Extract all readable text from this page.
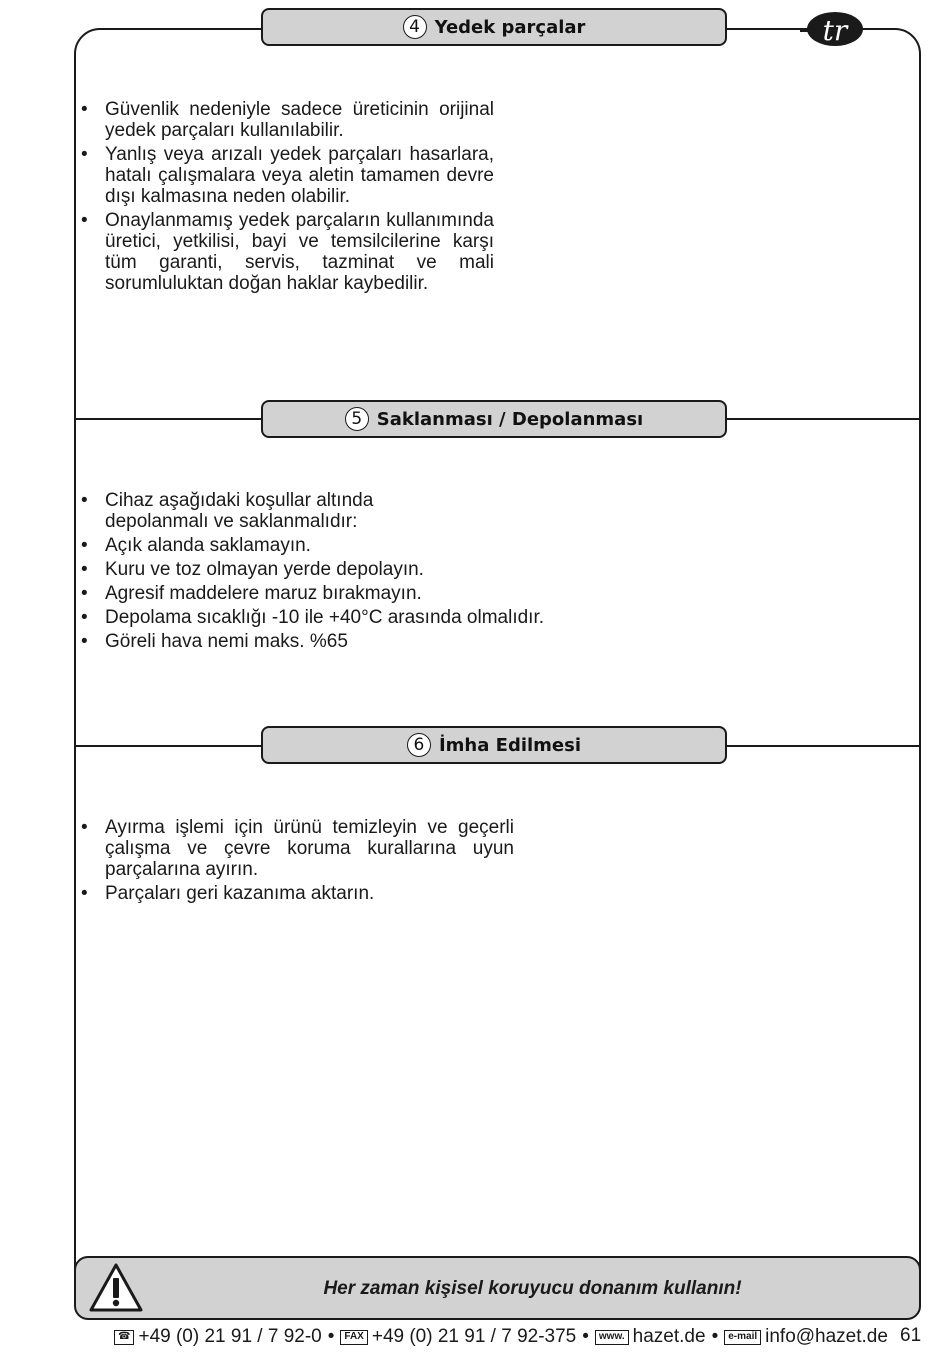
tr
4 Yedek parçalar
• Güvenlik nedeniyle sadece üreticinin orijinal yedek parçaları kullanılabilir.
• Yanlış veya arızalı yedek parçaları hasarlara, hatalı çalışmalara veya aletin tamamen devre dışı kalmasına neden olabilir.
• Onaylanmamış yedek parçaların kullanımında üretici, yetkilisi, bayi ve temsilcilerine karşı tüm garanti, servis, tazminat ve mali sorumluluktan doğan haklar kaybedilir.
5 Saklanması / Depolanması
• Cihaz aşağıdaki koşullar altında depolanmalı ve saklanmalıdır:
• Açık alanda saklamayın.
• Kuru ve toz olmayan yerde depolayın.
• Agresif maddelere maruz bırakmayın.
• Depolama sıcaklığı -10 ile +40°C arasında olmalıdır.
• Göreli hava nemi maks. %65
6 İmha Edilmesi
• Ayırma işlemi için ürünü temizleyin ve geçerli çalışma ve çevre koruma kurallarına uyun parçalarına ayırın.
• Parçaları geri kazanıma aktarın.
Her zaman kişisel koruyucu donanım kullanın!
☎ +49 (0) 21 91 / 7 92-0 •	FAX +49 (0) 21 91 / 7 92-375 •	www. hazet.de •	e-mail info@hazet.de 61
